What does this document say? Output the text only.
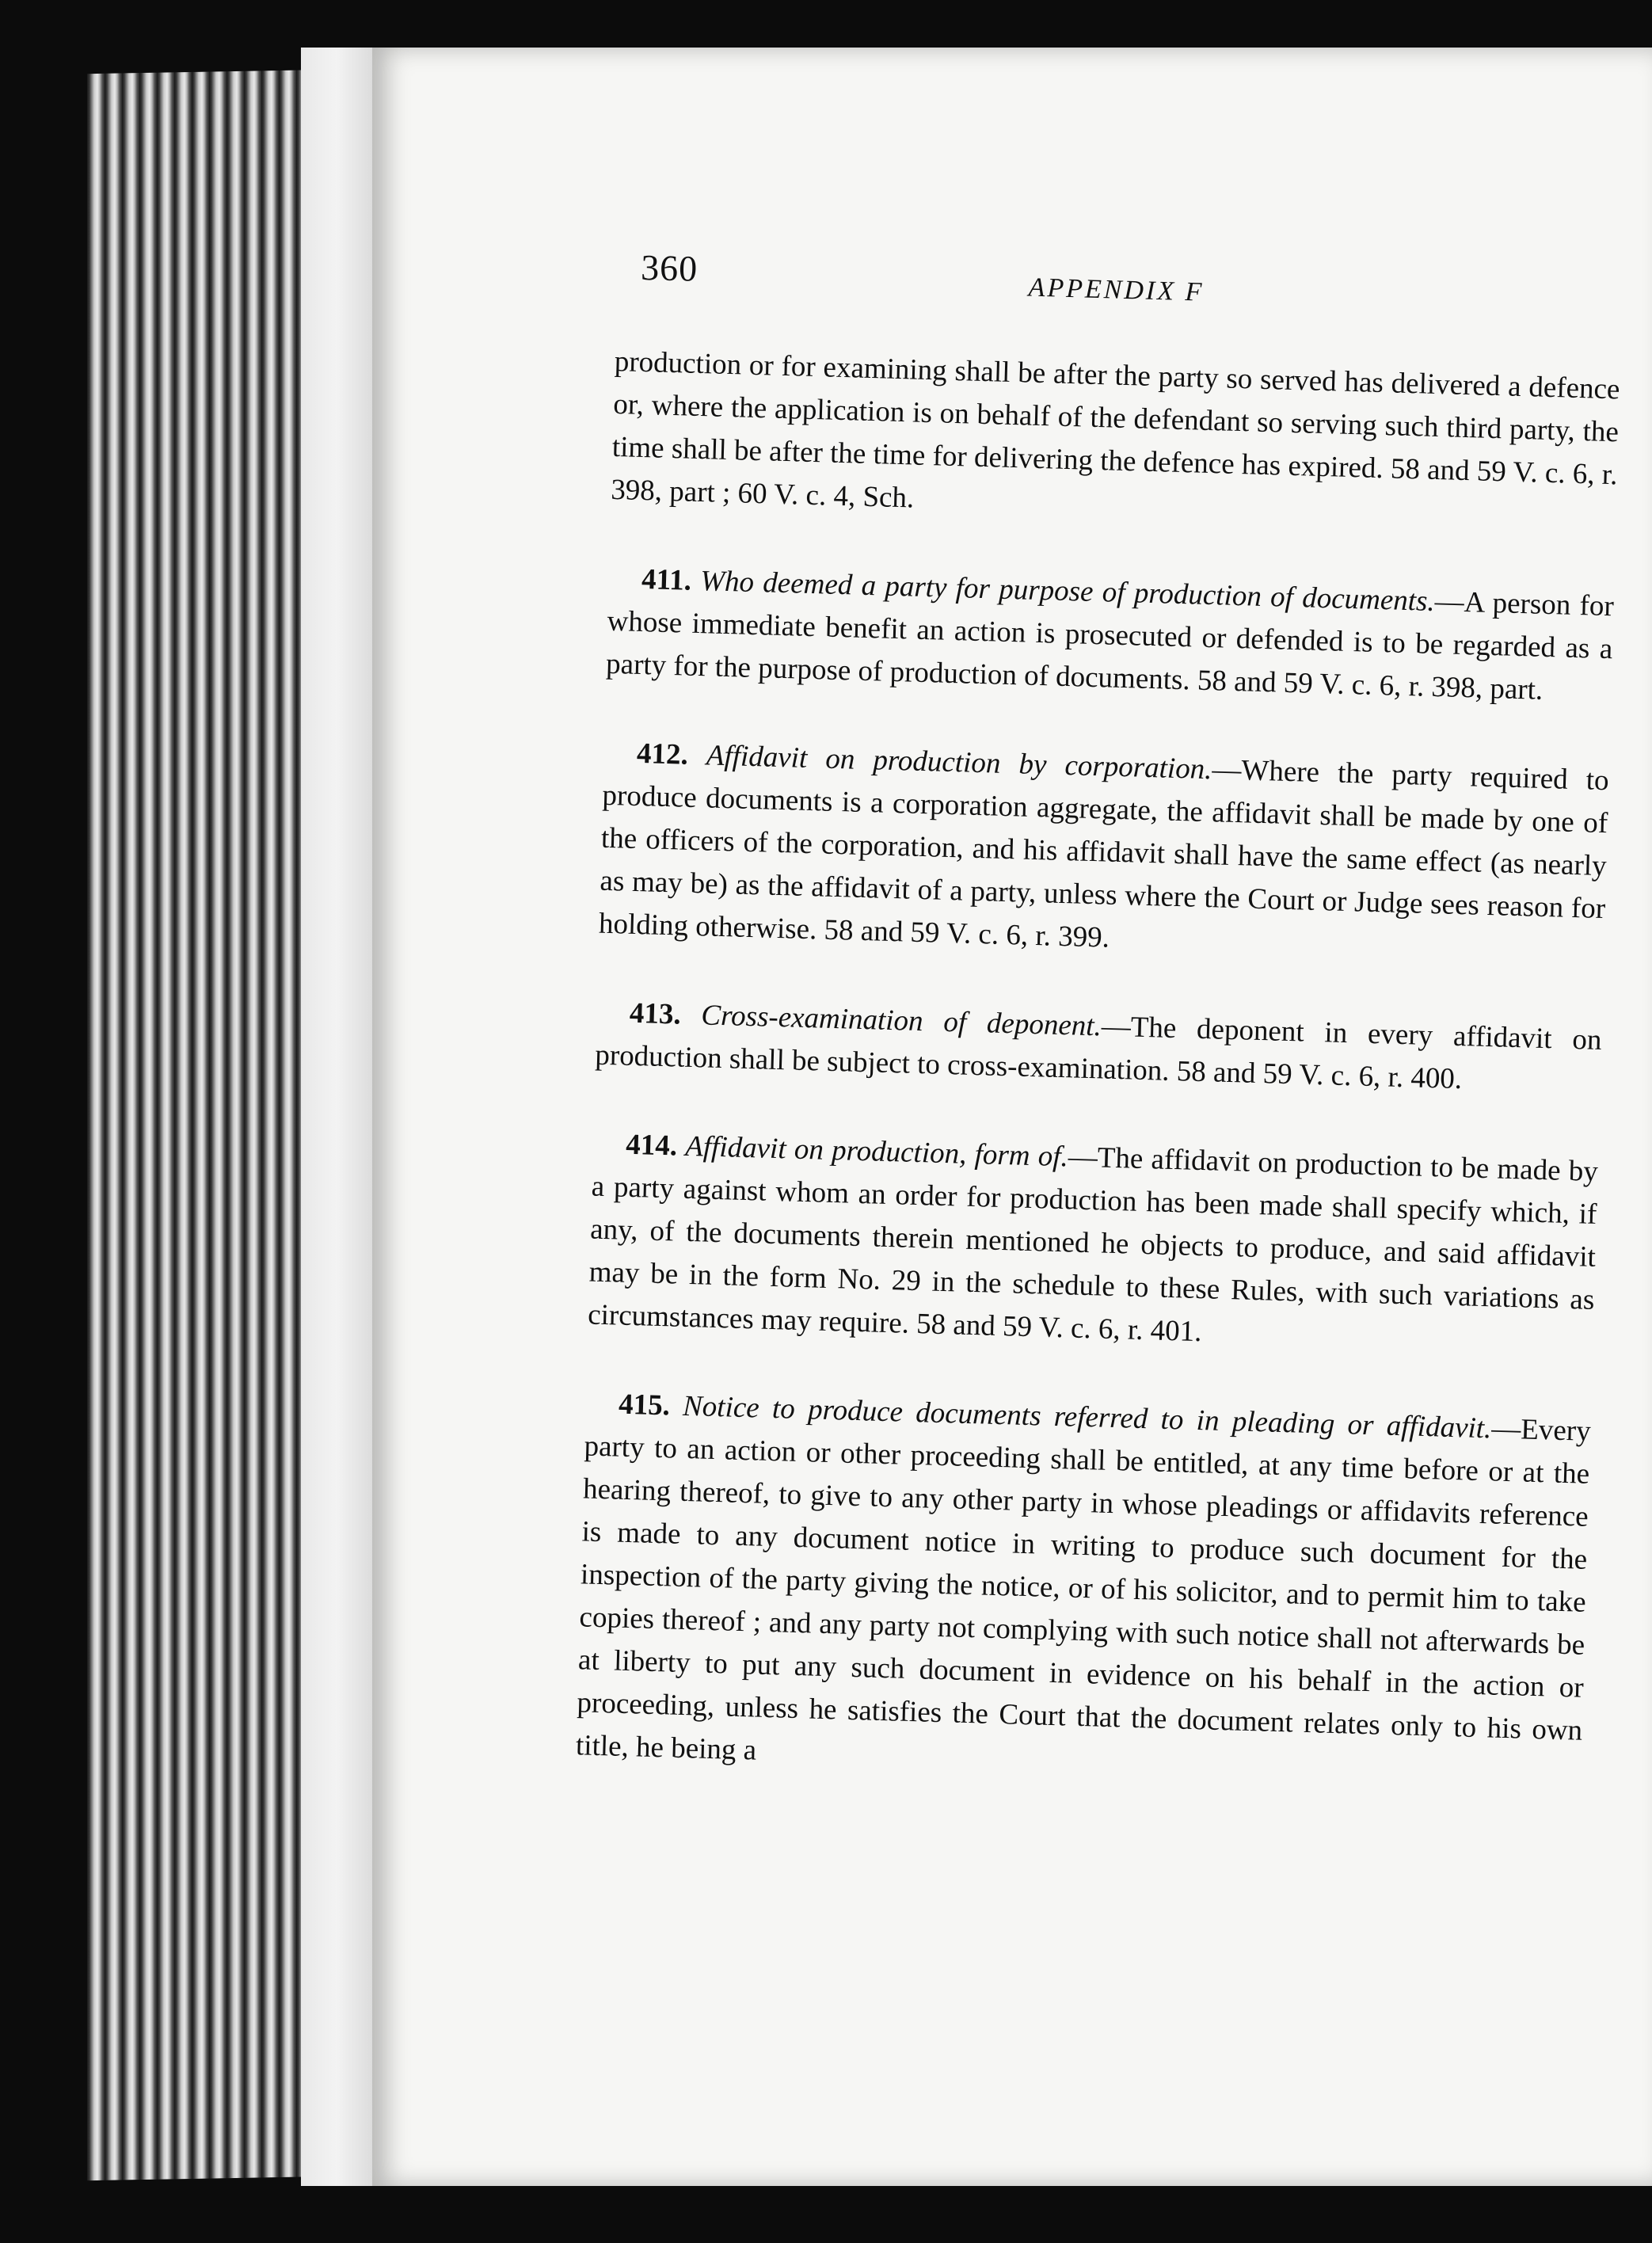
360
APPENDIX F

production or for examining shall be after the party so served has delivered a defence or, where the application is on behalf of the defendant so serving such third party, the time shall be after the time for delivering the defence has expired. 58 and 59 V. c. 6, r. 398, part ; 60 V. c. 4, Sch.

411. Who deemed a party for purpose of production of documents.—A person for whose immediate benefit an action is prosecuted or defended is to be regarded as a party for the purpose of production of documents. 58 and 59 V. c. 6, r. 398, part.

412. Affidavit on production by corporation.—Where the party required to produce documents is a corporation aggregate, the affidavit shall be made by one of the officers of the corporation, and his affidavit shall have the same effect (as nearly as may be) as the affidavit of a party, unless where the Court or Judge sees reason for holding otherwise. 58 and 59 V. c. 6, r. 399.

413. Cross-examination of deponent.—The deponent in every affidavit on production shall be subject to cross-examination. 58 and 59 V. c. 6, r. 400.

414. Affidavit on production, form of.—The affidavit on production to be made by a party against whom an order for production has been made shall specify which, if any, of the documents therein mentioned he objects to produce, and said affidavit may be in the form No. 29 in the schedule to these Rules, with such variations as circumstances may require. 58 and 59 V. c. 6, r. 401.

415. Notice to produce documents referred to in pleading or affidavit.—Every party to an action or other proceeding shall be entitled, at any time before or at the hearing thereof, to give to any other party in whose pleadings or affidavits reference is made to any document notice in writing to produce such document for the inspection of the party giving the notice, or of his solicitor, and to permit him to take copies thereof ; and any party not complying with such notice shall not afterwards be at liberty to put any such document in evidence on his behalf in the action or proceeding, unless he satisfies the Court that the document relates only to his own title, he being a
